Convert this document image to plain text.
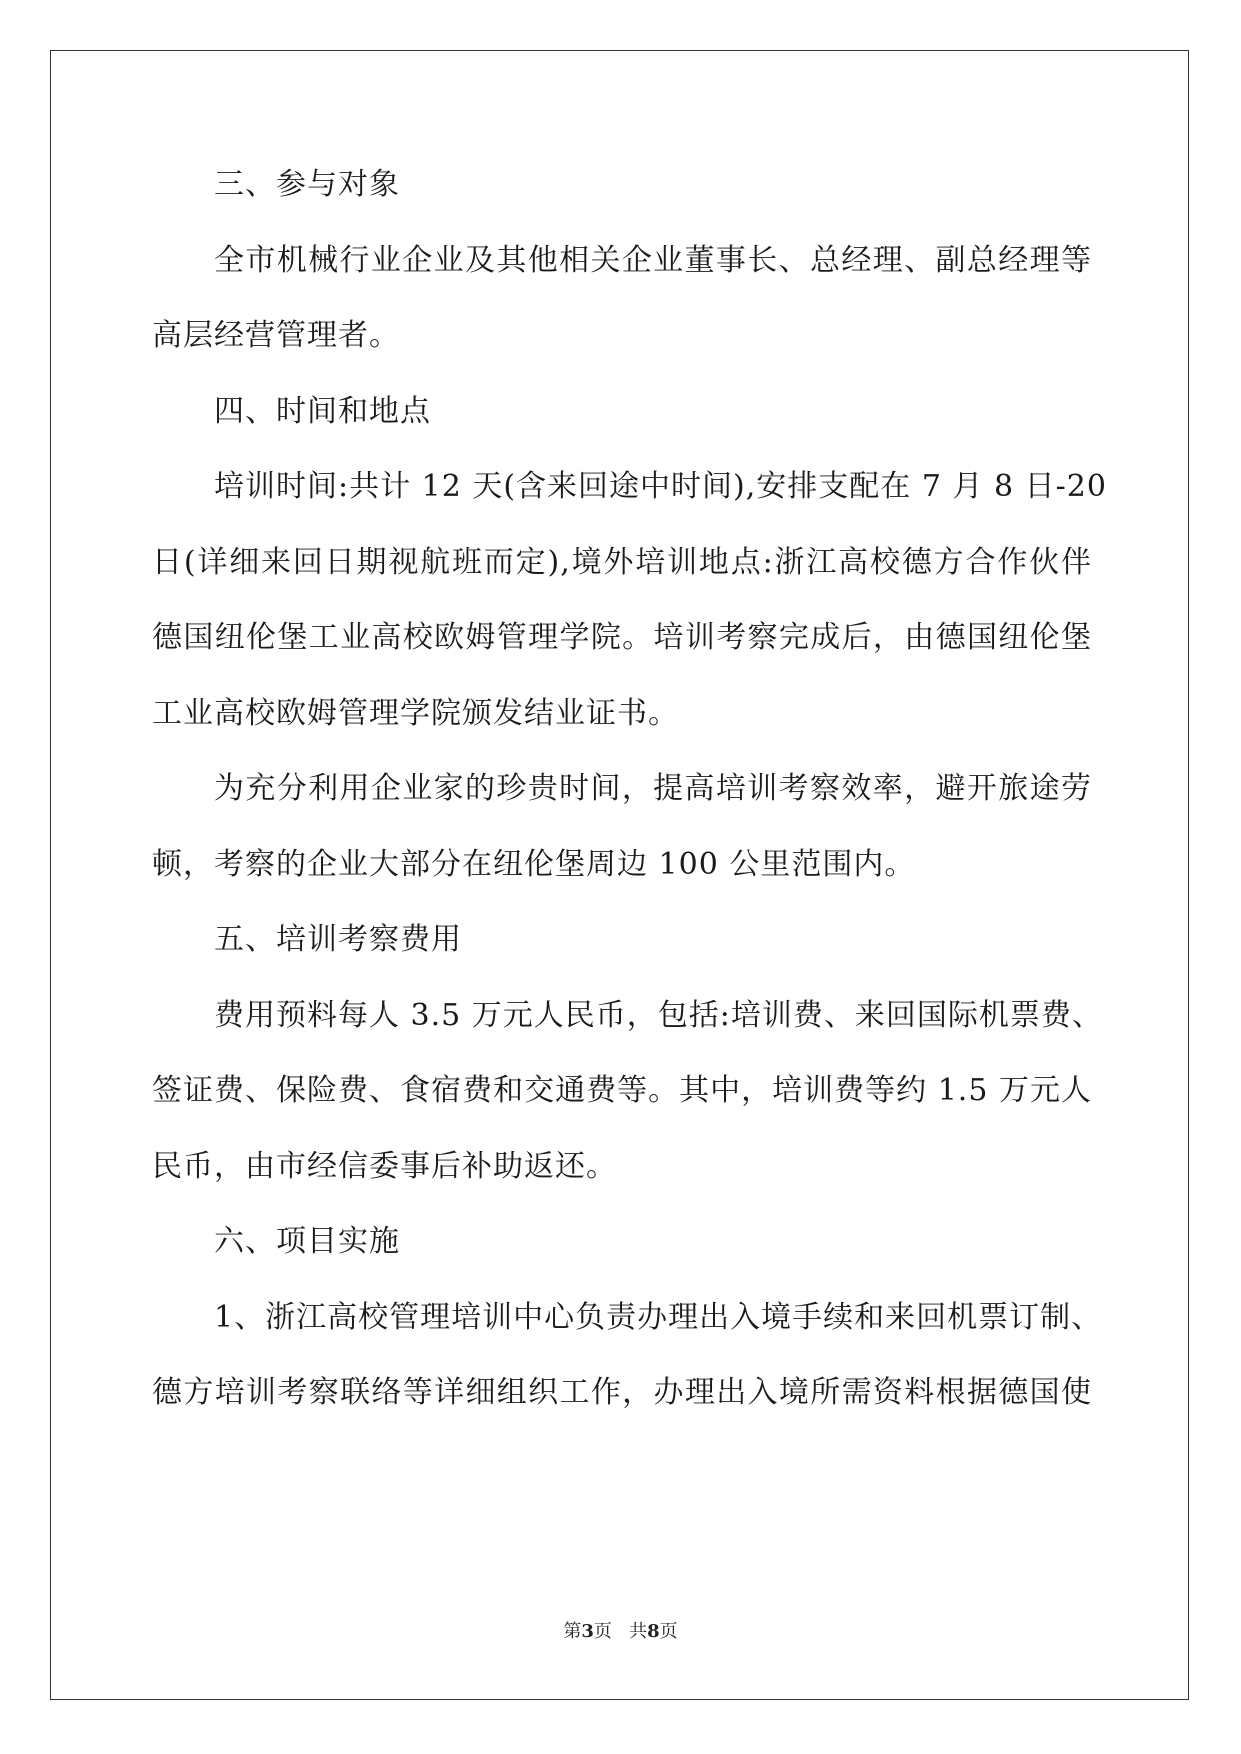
三、参与对象
全市机械行业企业及其他相关企业董事长、总经理、副总经理等
高层经营管理者。
四、时间和地点
培训时间:共计 12 天(含来回途中时间),安排支配在 7 月 8 日-20
日(详细来回日期视航班而定),境外培训地点:浙江高校德方合作伙伴
德国纽伦堡工业高校欧姆管理学院。培训考察完成后，由德国纽伦堡
工业高校欧姆管理学院颁发结业证书。
为充分利用企业家的珍贵时间，提高培训考察效率，避开旅途劳
顿，考察的企业大部分在纽伦堡周边 100 公里范围内。
五、培训考察费用
费用预料每人 3.5 万元人民币，包括:培训费、来回国际机票费、
签证费、保险费、食宿费和交通费等。其中，培训费等约 1.5 万元人
民币，由市经信委事后补助返还。
六、项目实施
1、浙江高校管理培训中心负责办理出入境手续和来回机票订制、
德方培训考察联络等详细组织工作，办理出入境所需资料根据德国使
第3页 共8页
